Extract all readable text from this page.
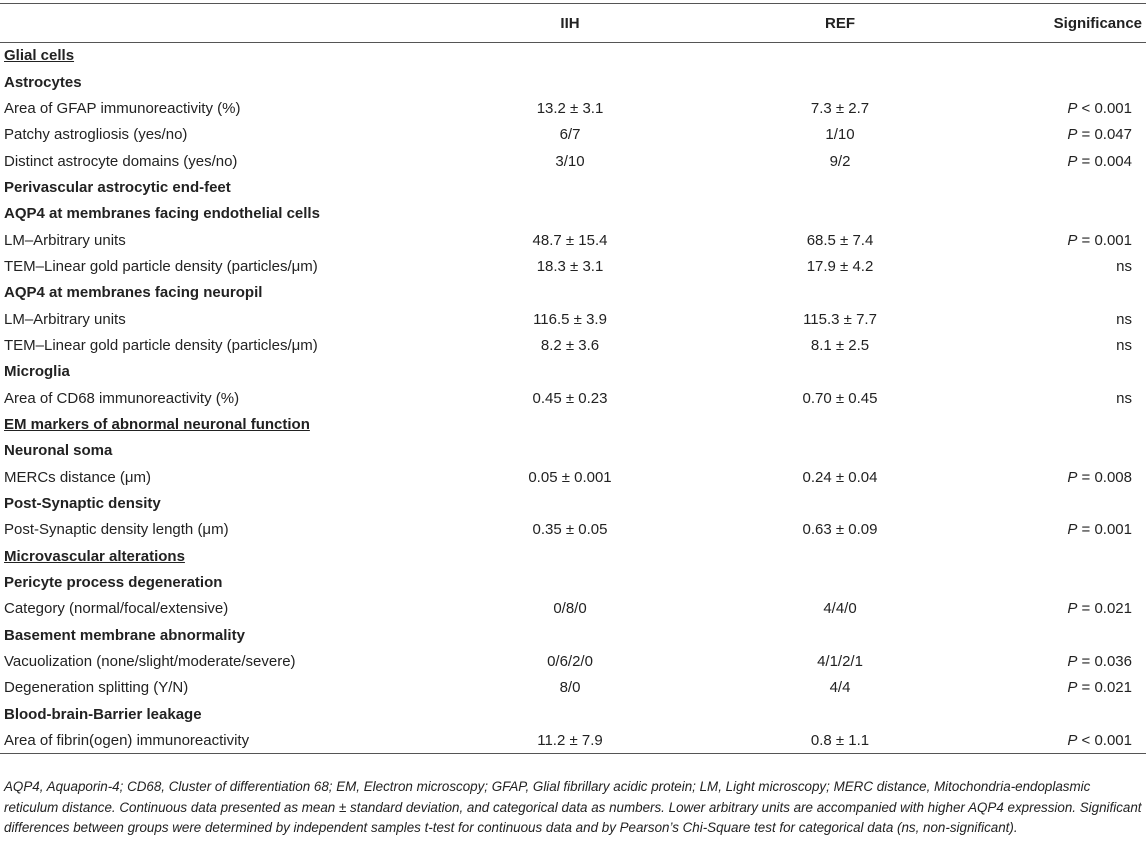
	IIH	REF	Significance
Glial cells			
Astrocytes			
Area of GFAP immunoreactivity (%)	13.2 ± 3.1	7.3 ± 2.7	P < 0.001
Patchy astrogliosis (yes/no)	6/7	1/10	P = 0.047
Distinct astrocyte domains (yes/no)	3/10	9/2	P = 0.004
Perivascular astrocytic end-feet			
AQP4 at membranes facing endothelial cells			
LM–Arbitrary units	48.7 ± 15.4	68.5 ± 7.4	P = 0.001
TEM–Linear gold particle density (particles/μm)	18.3 ± 3.1	17.9 ± 4.2	ns
AQP4 at membranes facing neuropil			
LM–Arbitrary units	116.5 ± 3.9	115.3 ± 7.7	ns
TEM–Linear gold particle density (particles/μm)	8.2 ± 3.6	8.1 ± 2.5	ns
Microglia			
Area of CD68 immunoreactivity (%)	0.45 ± 0.23	0.70 ± 0.45	ns
EM markers of abnormal neuronal function			
Neuronal soma			
MERCs distance (μm)	0.05 ± 0.001	0.24 ± 0.04	P = 0.008
Post-Synaptic density			
Post-Synaptic density length (μm)	0.35 ± 0.05	0.63 ± 0.09	P = 0.001
Microvascular alterations			
Pericyte process degeneration			
Category (normal/focal/extensive)	0/8/0	4/4/0	P = 0.021
Basement membrane abnormality			
Vacuolization (none/slight/moderate/severe)	0/6/2/0	4/1/2/1	P = 0.036
Degeneration splitting (Y/N)	8/0	4/4	P = 0.021
Blood-brain-Barrier leakage			
Area of fibrin(ogen) immunoreactivity	11.2 ± 7.9	0.8 ± 1.1	P < 0.001

AQP4, Aquaporin-4; CD68, Cluster of differentiation 68; EM, Electron microscopy; GFAP, Glial fibrillary acidic protein; LM, Light microscopy; MERC distance, Mitochondria-endoplasmic reticulum distance. Continuous data presented as mean ± standard deviation, and categorical data as numbers. Lower arbitrary units are accompanied with higher AQP4 expression. Significant differences between groups were determined by independent samples t-test for continuous data and by Pearson’s Chi-Square test for categorical data (ns, non-significant).
